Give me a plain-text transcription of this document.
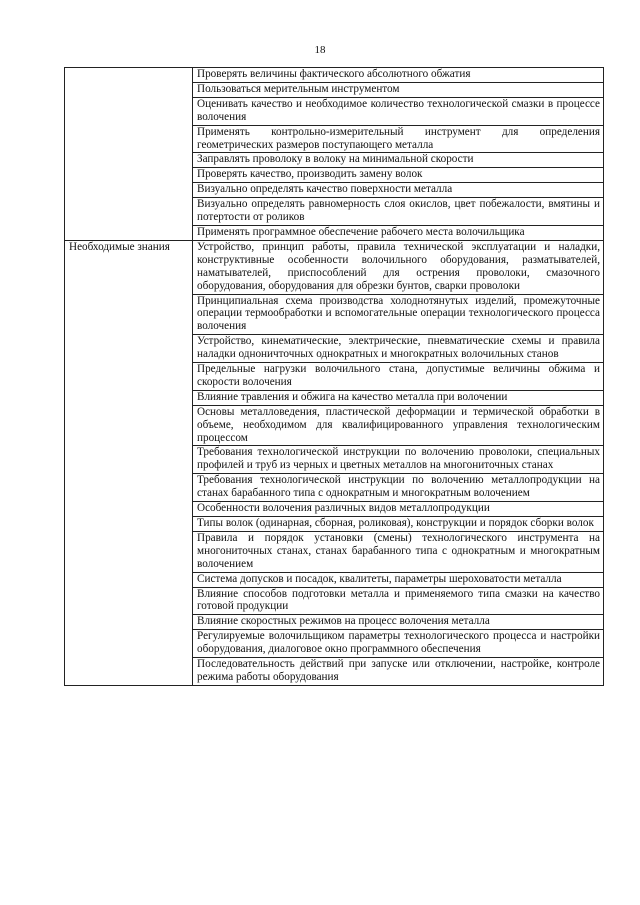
18
	Проверять величины фактического абсолютного обжатия
	Пользоваться мерительным инструментом
	Оценивать качество и необходимое количество технологической смазки в процессе волочения
	Применять контрольно-измерительный инструмент для определения геометрических размеров поступающего металла
	Заправлять проволоку в волоку на минимальной скорости
	Проверять качество, производить замену волок
	Визуально определять качество поверхности металла
	Визуально определять равномерность слоя окислов, цвет побежалости, вмятины и потертости от роликов
	Применять программное обеспечение рабочего места волочильщика
Необходимые знания	Устройство, принцип работы, правила технической эксплуатации и наладки, конструктивные особенности волочильного оборудования, разматывателей, наматывателей, приспособлений для острения проволоки, смазочного оборудования, оборудования для обрезки бунтов, сварки проволоки
	Принципиальная схема производства холоднотянутых изделий, промежуточные операции термообработки и вспомогательные операции технологического процесса волочения
	Устройство, кинематические, электрические, пневматические схемы и правила наладки одноничточных однократных и многократных волочильных станов
	Предельные нагрузки волочильного стана, допустимые величины обжима и скорости волочения
	Влияние травления и обжига на качество металла при волочении
	Основы металловедения, пластической деформации и термической обработки в объеме, необходимом для квалифицированного управления технологическим процессом
	Требования технологической инструкции по волочению проволоки, специальных профилей и труб из черных и цветных металлов на многониточных станах
	Требования технологической инструкции по волочению металлопродукции на станах барабанного типа с однократным и многократным волочением
	Особенности волочения различных видов металлопродукции
	Типы волок (одинарная, сборная, роликовая), конструкции и порядок сборки волок
	Правила и порядок установки (смены) технологического инструмента на многониточных станах, станах барабанного типа с однократным и многократным волочением
	Система допусков и посадок, квалитеты, параметры шероховатости металла
	Влияние способов подготовки металла и применяемого типа смазки на качество готовой продукции
	Влияние скоростных режимов на процесс волочения металла
	Регулируемые волочильщиком параметры технологического процесса и настройки оборудования, диалоговое окно программного обеспечения
	Последовательность действий при запуске или отключении, настройке, контроле режима работы оборудования
